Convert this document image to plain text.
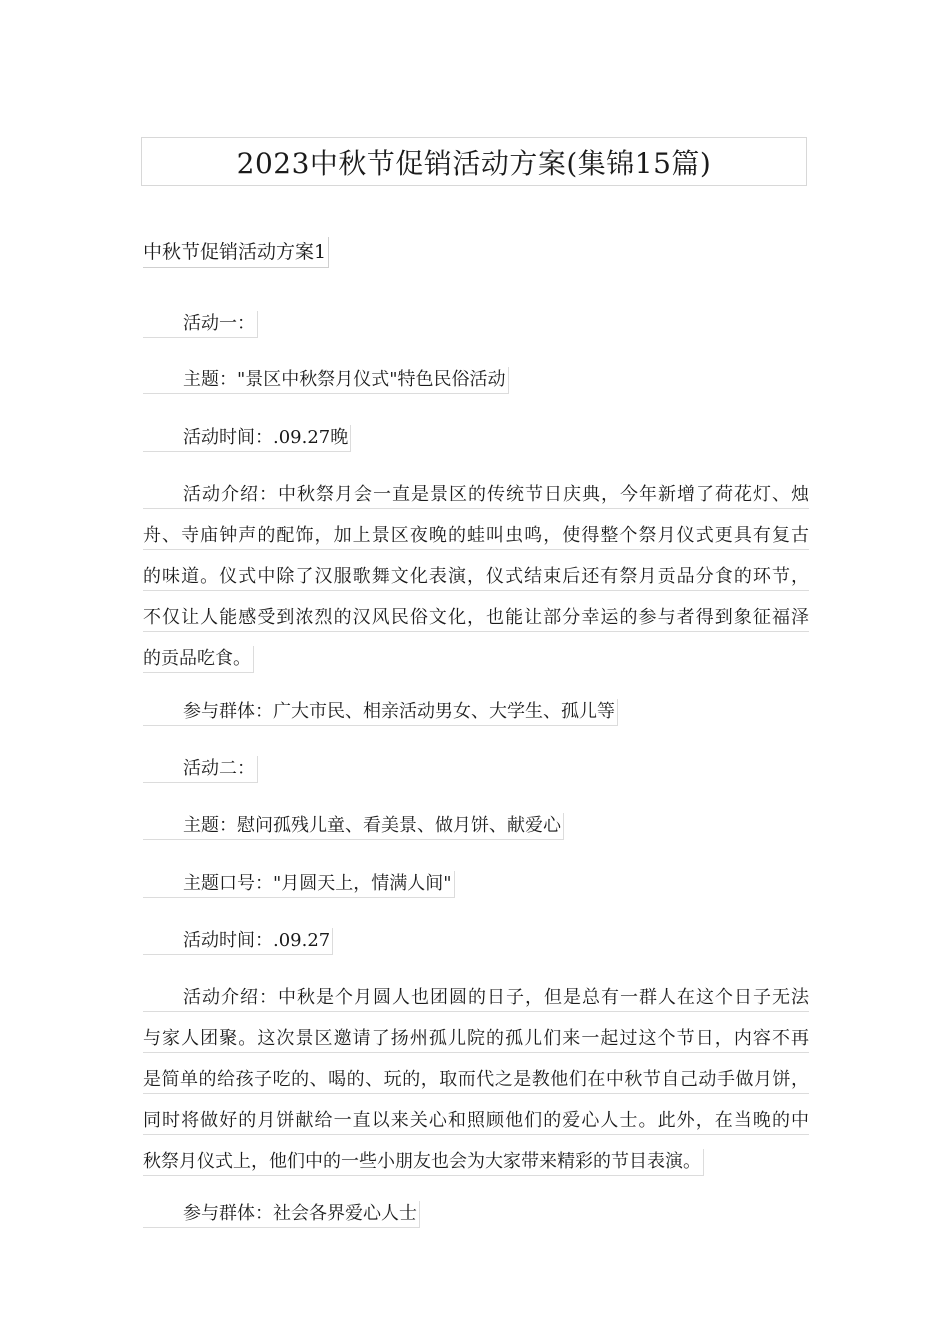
2023中秋节促销活动方案(集锦15篇)
中秋节促销活动方案1
活动一：
主题："景区中秋祭月仪式"特色民俗活动
活动时间：.09.27晚
活动介绍：中秋祭月会一直是景区的传统节日庆典，今年新增了荷花灯、烛
舟、寺庙钟声的配饰，加上景区夜晚的蛙叫虫鸣，使得整个祭月仪式更具有复古
的味道。仪式中除了汉服歌舞文化表演，仪式结束后还有祭月贡品分食的环节，
不仅让人能感受到浓烈的汉风民俗文化，也能让部分幸运的参与者得到象征福泽
的贡品吃食。
参与群体：广大市民、相亲活动男女、大学生、孤儿等
活动二：
主题：慰问孤残儿童、看美景、做月饼、献爱心
主题口号："月圆天上，情满人间"
活动时间：.09.27
活动介绍：中秋是个月圆人也团圆的日子，但是总有一群人在这个日子无法
与家人团聚。这次景区邀请了扬州孤儿院的孤儿们来一起过这个节日，内容不再
是简单的给孩子吃的、喝的、玩的，取而代之是教他们在中秋节自己动手做月饼，
同时将做好的月饼献给一直以来关心和照顾他们的爱心人士。此外，在当晚的中
秋祭月仪式上，他们中的一些小朋友也会为大家带来精彩的节目表演。
参与群体：社会各界爱心人士
